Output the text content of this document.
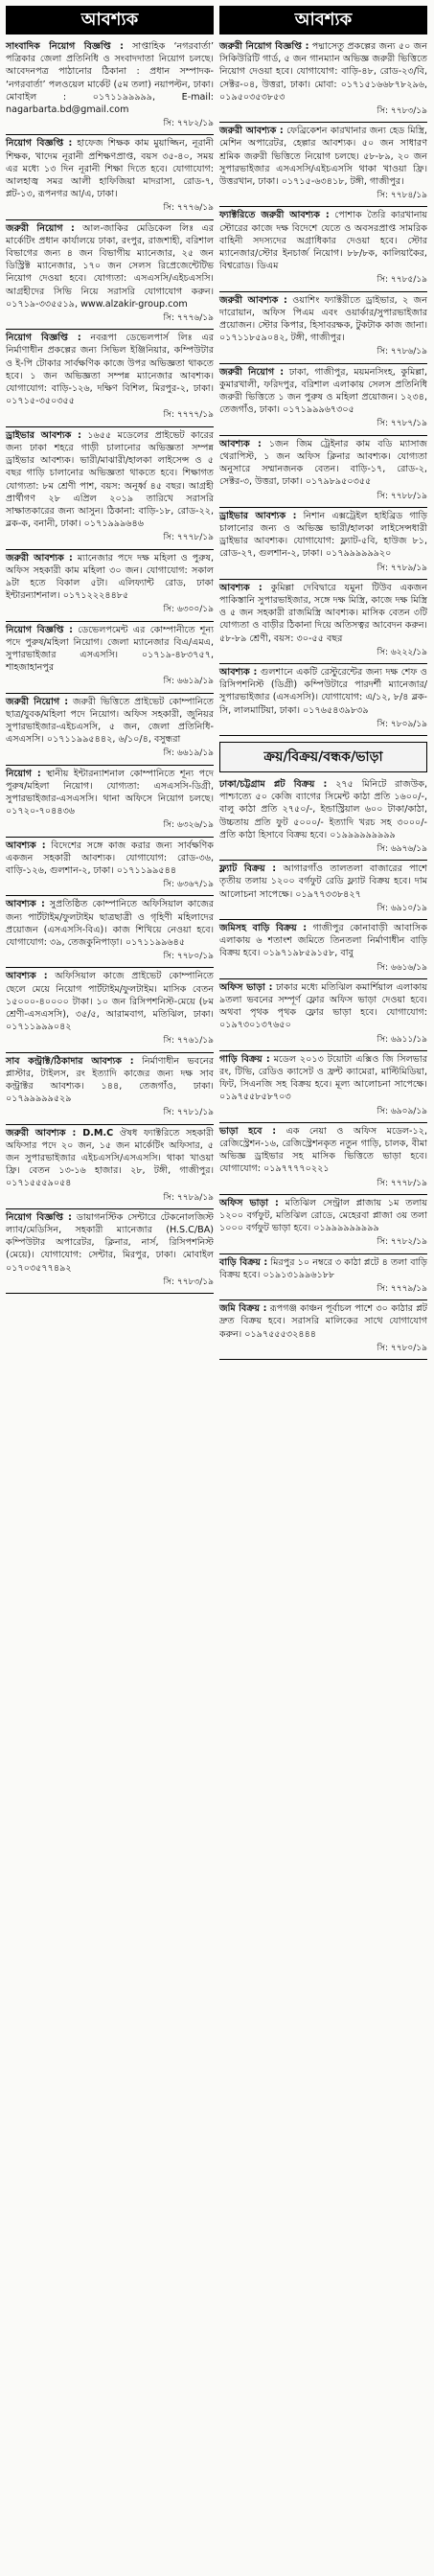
আবশ্যক
সাংবাদিক নিয়োগ বিজ্ঞপ্তি : সাপ্তাহিক ‘নগরবার্তা’ পত্রিকার জেলা প্রতিনিধি ও সংবাদদাতা নিয়োগ চলছে। আবেদনপত্র পাঠানোর ঠিকানা : প্রধান সম্পাদক- ‘নগরবার্তা’ পলওয়েল মার্কেট (৫ম তলা) নয়াপল্টন, ঢাকা। মোবাইল : ০১৭১১৯৯৯৯৯, E-mail: nagarbarta.bd@gmail.com
সি: ৭৭৮২/১৯
নিয়োগ বিজ্ঞপ্তি : হাফেজ শিক্ষক কাম মুয়াজ্জিন, নূরানী শিক্ষক, খাদেম নূরানী প্রশিক্ষণপ্রাপ্ত, বয়স ৩৫-৪০, সময় এর মধ্যে ১৩ দিন নূরানী শিক্ষা দিতে হবে। যোগাযোগ: আলহাজ্ব সমর আলী হাফিজিয়া মাদরাসা, রোড-৭, প্লট-১৩, রূপনগর আ/এ, ঢাকা।
সি: ৭৭৭৬/১৯
জরুরী নিয়োগ : আল-জাকির মেডিকেল লিঃ এর মার্কেটিং প্রধান কার্যালয়ে ঢাকা, রংপুর, রাজশাহী, বরিশাল বিভাগের জন্য ৪ জন বিভাগীয় ম্যানেজার, ২৫ জন ডিস্ট্রিক্ট ম্যানেজার, ১৭০ জন সেলস রিপ্রেজেন্টেটিভ নিয়োগ দেওয়া হবে। যোগ্যতা: এসএসসি/এইচএসসি। আগ্রহীদের সিভি নিয়ে সরাসরি যোগাযোগ করুন। ০১৭১৯-৩৩৫৫১৯, www.alzakir-group.com
সি: ৭৭৭৬/১৯
নিয়োগ বিজ্ঞপ্তি : নবরূপা ডেভেলপার্স লিঃ এর নির্মাণাধীন প্রকল্পের জন্য সিভিল ইঞ্জিনিয়ার, কম্পিউটার ও ই-পি টোকার সার্বক্ষণিক কাজে উপর অভিজ্ঞতা থাকতে হবে। ১ জন অভিজ্ঞতা সম্পন্ন ম্যানেজার আবশ্যক। যোগাযোগ: বাড়ি-১২৬, দক্ষিণ বিশিল, মিরপুর-২, ঢাকা। ০১৭১৫-৩৫০৩৫৫
সি: ৭৭৭৭/১৯
ড্রাইভার আবশ্যক : ১৬৫৫ মডেলের প্রাইভেট কারের জন্য ঢাকা শহরে গাড়ী চালানোর অভিজ্ঞতা সম্পন্ন ড্রাইভার আবশ্যক। ভারী/মাঝারী/হালকা লাইসেন্স ও ৫ বছর গাড়ি চালানোর অভিজ্ঞতা থাকতে হবে। শিক্ষাগত যোগ্যতা: ৮ম শ্রেণী পাশ, বয়স: অনূর্ধ্ব ৪৫ বছর। আগ্রহী প্রার্থীগণ ২৮ এপ্রিল ২০১৯ তারিখে সরাসরি সাক্ষাতকারের জন্য আসুন। ঠিকানা: বাড়ি-১৮, রোড-২২, ব্লক-ক, বনানী, ঢাকা। ০১৭১৯৯৯৬৪৬
সি: ৭৭৭৮/১৯
জরুরী আবশ্যক : ম্যানেজার পদে দক্ষ মহিলা ও পুরুষ, অফিস সহকারী কাম মহিলা ৩০ জন। যোগাযোগ: সকাল ৯টা হতে বিকাল ৫টা। এলিফ্যান্ট রোড, ঢাকা ইন্টারন্যাশনাল। ০১৭১২২২৪৪৮৫
সি: ৬৩০০/১৯
নিয়োগ বিজ্ঞপ্তি : ডেভেলপমেন্ট এর কোম্পানীতে শূন্য পদে পুরুষ/মহিলা নিয়োগ। জেলা ম্যানেজার বিএ/এমএ, সুপারভাইজার এসএসসি। ০১৭১৯-৪৮৩৭৫৭, শাহজাহানপুর
সি: ৬৬১৯/১৯
জরুরী নিয়োগ : জরুরী ভিত্তিতে প্রাইভেট কোম্পানিতে ছাত্র/যুবক/মহিলা পদে নিয়োগ। অফিস সহকারী, জুনিয়র সুপারভাইজার-এইচএসসি, ৫ জন, জেলা প্রতিনিধি-এসএসসি। ০১৭১১৯৯৫৪৪২, ৬/১০/৪, বসুন্ধরা
সি: ৬৬১৯/১৯
নিয়োগ : স্থানীয় ইন্টারন্যাশনাল কোম্পানিতে শূন্য পদে পুরুষ/মহিলা নিয়োগ। যোগ্যতা: এসএসসি-ডিগ্রী, সুপারভাইজার-এসএসসি। থানা অফিসে নিয়োগ চলছে। ০১৭২০-৭০৪৪৩৬
সি: ৬৩২৬/১৯
আবশ্যক : বিদেশের সঙ্গে কাজ করার জন্য সার্বক্ষণিক একজন সহকারী আবশ্যক। যোগাযোগ: রোড-৩৬, বাড়ি-১২৬, গুলশান-২, ঢাকা। ০১৭১১৯৯৫৪৪
সি: ৬৩৬৭/১৯
আবশ্যক : সুপ্রতিষ্ঠিত কোম্পানিতে অফিসিয়াল কাজের জন্য পার্টটাইম/ফুলটাইম ছাত্রছাত্রী ও গৃহিণী মহিলাদের প্রয়োজন (এসএসসি-বিএ)। কাজ শিখিয়ে নেওয়া হবে। যোগাযোগ: ৩৯, তেজকুনিপাড়া। ০১৭১১৯৯৬৪৫
সি: ৭৭৮০/১৯
আবশ্যক : অফিসিয়াল কাজে প্রাইভেট কোম্পানিতে ছেলে মেয়ে নিয়োগ পার্টটাইম/ফুলটাইম। মাসিক বেতন ১৫০০০-৪০০০০ টাকা। ১০ জন রিসিপশনিস্ট-মেয়ে (৮ম শ্রেণী-এসএসসি), ৩৫/৫, আরামবাগ, মতিঝিল, ঢাকা। ০১৭১১৯৯৯০৪২
সি: ৭৭৬১/১৯
সাব কন্ট্রাক্ট/ঠিকাদার আবশ্যক : নির্মাণাধীন ভবনের প্লাস্টার, টাইলস, রং ইত্যাদি কাজের জন্য দক্ষ সাব কন্ট্রাক্টর আবশ্যক। ১৪৪, তেজগাঁও, ঢাকা। ০১৭৯৯৯৯৯৫২৯
সি: ৭৭৮১/১৯
জরুরী আবশ্যক : D.M.C ঔষধ ফ্যাক্টরিতে সহকারী অফিসার পদে ২০ জন, ১৫ জন মার্কেটিং অফিসার, ৫ জন সুপারভাইজার এইচএসসি/এসএসসি। থাকা খাওয়া ফ্রি। বেতন ১৩-১৬ হাজার। ২৮, টঙ্গী, গাজীপুর। ০১৭১৫৫৫৯০৫৪
সি: ৭৭৮৯/১৯
নিয়োগ বিজ্ঞপ্তি : ডায়াগনস্টিক সেন্টারে টেকনোলজিস্ট ল্যাব/মেডিসিন, সহকারী ম্যানেজার (H.S.C/BA) কম্পিউটার অপারেটর, ক্লিনার, নার্স, রিসিপশনিস্ট (মেয়ে)। যোগাযোগ: সেন্টার, মিরপুর, ঢাকা। মোবাইল ০১৭০৩৫৭৭৪৯২
সি: ৭৭৮৩/১৯
আবশ্যক
জরুরী নিয়োগ বিজ্ঞপ্তি : পদ্মাসেতু প্রকল্পের জন্য ৫০ জন সিকিউরিটি গার্ড, ৫ জন গানম্যান অভিজ্ঞ জরুরী ভিত্তিতে নিয়োগ দেওয়া হবে। যোগাযোগ: বাড়ি-৪৮, রোড-২৩/বি, সেক্টর-০৪, উত্তরা, ঢাকা। মোবা: ০১৭১৫১৬৬৮৭৮২৯৬, ০১৯৫০৩৫৩৮৫৩
সি: ৭৭৮৩/১৯
জরুরী আবশ্যক : ফেব্রিকেশন কারখানার জন্য হেড মিস্ত্রি, মেশিন অপারেটর, হেল্পার আবশ্যক। ৫০ জন সাধারণ শ্রমিক জরুরী ভিত্তিতে নিয়োগ চলছে। ৫৮-৮৯, ২০ জন সুপারভাইজার এসএসসি/এইচএসসি থাকা খাওয়া ফ্রি। উত্তরখান, ঢাকা। ০১৭১৫-৬৩৪১৮, টঙ্গী, গাজীপুর।
সি: ৭৭৮৪/১৯
ফ্যাক্টরিতে জরুরী আবশ্যক : পোশাক তৈরি কারখানায় স্টোরের কাজে দক্ষ বিদেশে যেতে ও অবসরপ্রাপ্ত সামরিক বাহিনী সদস্যদের অগ্রাধিকার দেওয়া হবে। স্টোর ম্যানেজার/স্টোর ইনচার্জ নিয়োগ। ৮৮/৮ক, কালিয়াকৈর, বিশ্বরোড। ডিএম
সি: ৭৭৮৫/১৯
জরুরী আবশ্যক : ওয়াশিং ফ্যাক্টরীতে ড্রাইভার, ২ জন দারোয়ান, অফিস পিএম এবং ওয়ার্কার/সুপারভাইজার প্রয়োজন। স্টোর কিপার, হিসাবরক্ষক, টুকটাক কাজ জানা। ০১৭১১৮৫৯০৪২, টঙ্গী, গাজীপুর।
সি: ৭৭৮৬/১৯
জরুরী নিয়োগ : ঢাকা, গাজীপুর, ময়মনসিংহ, কুমিল্লা, কুমারখালী, ফরিদপুর, বরিশাল এলাকায় সেলস প্রতিনিধি জরুরী ভিত্তিতে ১ জন পুরুষ ও মহিলা প্রয়োজন। ১২৩৪, তেজগাঁও, ঢাকা। ০১৭১৯৯৯৬৭৩০৫
সি: ৭৭৮৭/১৯
আবশ্যক : ১জন জিম ট্রেইনার কাম বডি ম্যাসাজ থেরাপিস্ট, ১ জন অফিস ক্লিনার আবশ্যক। যোগ্যতা অনুসারে সম্মানজনক বেতন। বাড়ি-১৭, রোড-২, সেক্টর-৩, উত্তরা, ঢাকা। ০১৭৯৮৯৫০৩৫৫
সি: ৭৭৮৮/১৯
ড্রাইভার আবশ্যক : নিশান এক্সট্রেইল হাইব্রিড গাড়ি চালানোর জন্য ও অভিজ্ঞ ভারী/হালকা লাইসেন্সধারী ড্রাইভার আবশ্যক। যোগাযোগ: ফ্ল্যাট-৫বি, হাউজ ৮১, রোড-২৭, গুলশান-২, ঢাকা। ০১৭৯৯৯৯৯৯২০
সি: ৭৭৮৯/১৯
আবশ্যক : কুমিল্লা দেবিদ্বারে যমুনা টিউব একজন পাকিস্তানি সুপারভাইজার, সঙ্গে দক্ষ মিস্ত্রি, কাজে দক্ষ মিস্ত্রি ও ৫ জন সহকারী রাজমিস্ত্রি আবশ্যক। মাসিক বেতন ৩টি যোগ্যতা ও বাড়ীর ঠিকানা দিয়ে অতিসত্বর আবেদন করুন। ৫৮-৮৯ শ্রেণী, বয়স: ৩০-৫৫ বছর
সি: ৬২২২/১৯
আবশ্যক : গুলশানে একটি রেস্টুরেন্টের জন্য দক্ষ শেফ ও রিসিপশনিস্ট (ডিগ্রী) কম্পিউটারে পারদর্শী ম্যানেজার/সুপারভাইজার (এসএসসি)। যোগাযোগ: এ/১২, ৮/৪ ব্লক-সি, লালমাটিয়া, ঢাকা। ০১৭৬৫৪৩৯৮৩৯
সি: ৭৮০৯/১৯
ক্রয়/বিক্রয়/বন্ধক/ভাড়া
ঢাকা/চট্টগ্রাম প্লট বিক্রয় : ২৭৫ মিনিটে রাজউক, পাশ্চাত্যে ৫০ কেজি ব্যাগের সিমেন্ট কাঠা প্রতি ১৬০০/-, বালু কাঠা প্রতি ২৭৫০/-, ইন্ডাস্ট্রিয়াল ৬০০ টাকা/কাঠা, উচ্চতায় প্রতি ফুট ৫০০০/- ইত্যাদি খরচ সহ ৩০০০/- প্রতি কাঠা হিসাবে বিক্রয় হবে। ০১৯৯৯৯৯৯৯৯৯
সি: ৬৯৭৬/১৯
ফ্ল্যাট বিক্রয় : আগারগাঁও তালতলা বাজারের পাশে তৃতীয় তলায় ১২০০ বর্গফুট রেডি ফ্ল্যাট বিক্রয় হবে। দাম আলোচনা সাপেক্ষে। ০১৯৭৭৩৩৮৪২৭
সি: ৬৯১০/১৯
জমিসহ বাড়ি বিক্রয় : গাজীপুর কোনাবাড়ী আবাসিক এলাকায় ৬ শতাংশ জমিতে তিনতলা নির্মাণাধীন বাড়ি বিক্রয় হবে। ০১৯৭১৯৮৫৯১৫৮, বাবু
সি: ৬৬১৬/১৯
অফিস ভাড়া : ঢাকার মধ্যে মতিঝিল কমার্শিয়াল এলাকায় ৯তলা ভবনের সম্পূর্ণ ফ্লোর অফিস ভাড়া দেওয়া হবে। অথবা পৃথক পৃথক ফ্লোর ভাড়া হবে। যোগাযোগ: ০১৯৭৩০১৩৭৬৫০
সি: ৬৯১১/১৯
গাড়ি বিক্রয় : মডেল ২০১৩ টয়োটা এক্সিও জি সিলভার রং, টিভি, রেডিও ক্যাসেট ও ফ্রন্ট ক্যামেরা, মাল্টিমিডিয়া, ফিট, সিএনজি সহ বিক্রয় হবে। মূল্য আলোচনা সাপেক্ষে। ০১৯৭৫৫৮৫৮৭০৩
সি: ৬৯০৯/১৯
ভাড়া হবে : এক নেয়া ও অফিস মডেল-১২, রেজিস্ট্রেশন-১৬, রেজিস্ট্রেশনকৃত নতুন গাড়ি, চালক, বীমা অভিজ্ঞ ড্রাইভার সহ মাসিক ভিত্তিতে ভাড়া হবে। যোগাযোগ: ০১৯৭৭৭৭০২২১
সি: ৭৭৭৮/১৯
অফিস ভাড়া : মতিঝিল সেন্ট্রাল প্লাজায় ১ম তলায় ১২০০ বর্গফুট, মতিঝিল রোডে, মেহেরবা প্লাজা ৩য় তলা ১০০০ বর্গফুট ভাড়া হবে। ০১৯৯৯৯৯৯৯৯৯
সি: ৭৭৮২/১৯
বাড়ি বিক্রয় : মিরপুর ১০ নম্বরে ৩ কাঠা প্লটে ৪ তলা বাড়ি বিক্রয় হবে। ০১৯১৩১৯৯৬১৮৮
সি: ৭৭৭৯/১৯
জমি বিক্রয় : রূপগঞ্জ কাঞ্চন পূর্বাচল পাশে ৩০ কাঠার প্লট দ্রুত বিক্রয় হবে। সরাসরি মালিকের সাথে যোগাযোগ করুন। ০১৯৭৫৫৫৩২৪৪৪
সি: ৭৭৮০/১৯
